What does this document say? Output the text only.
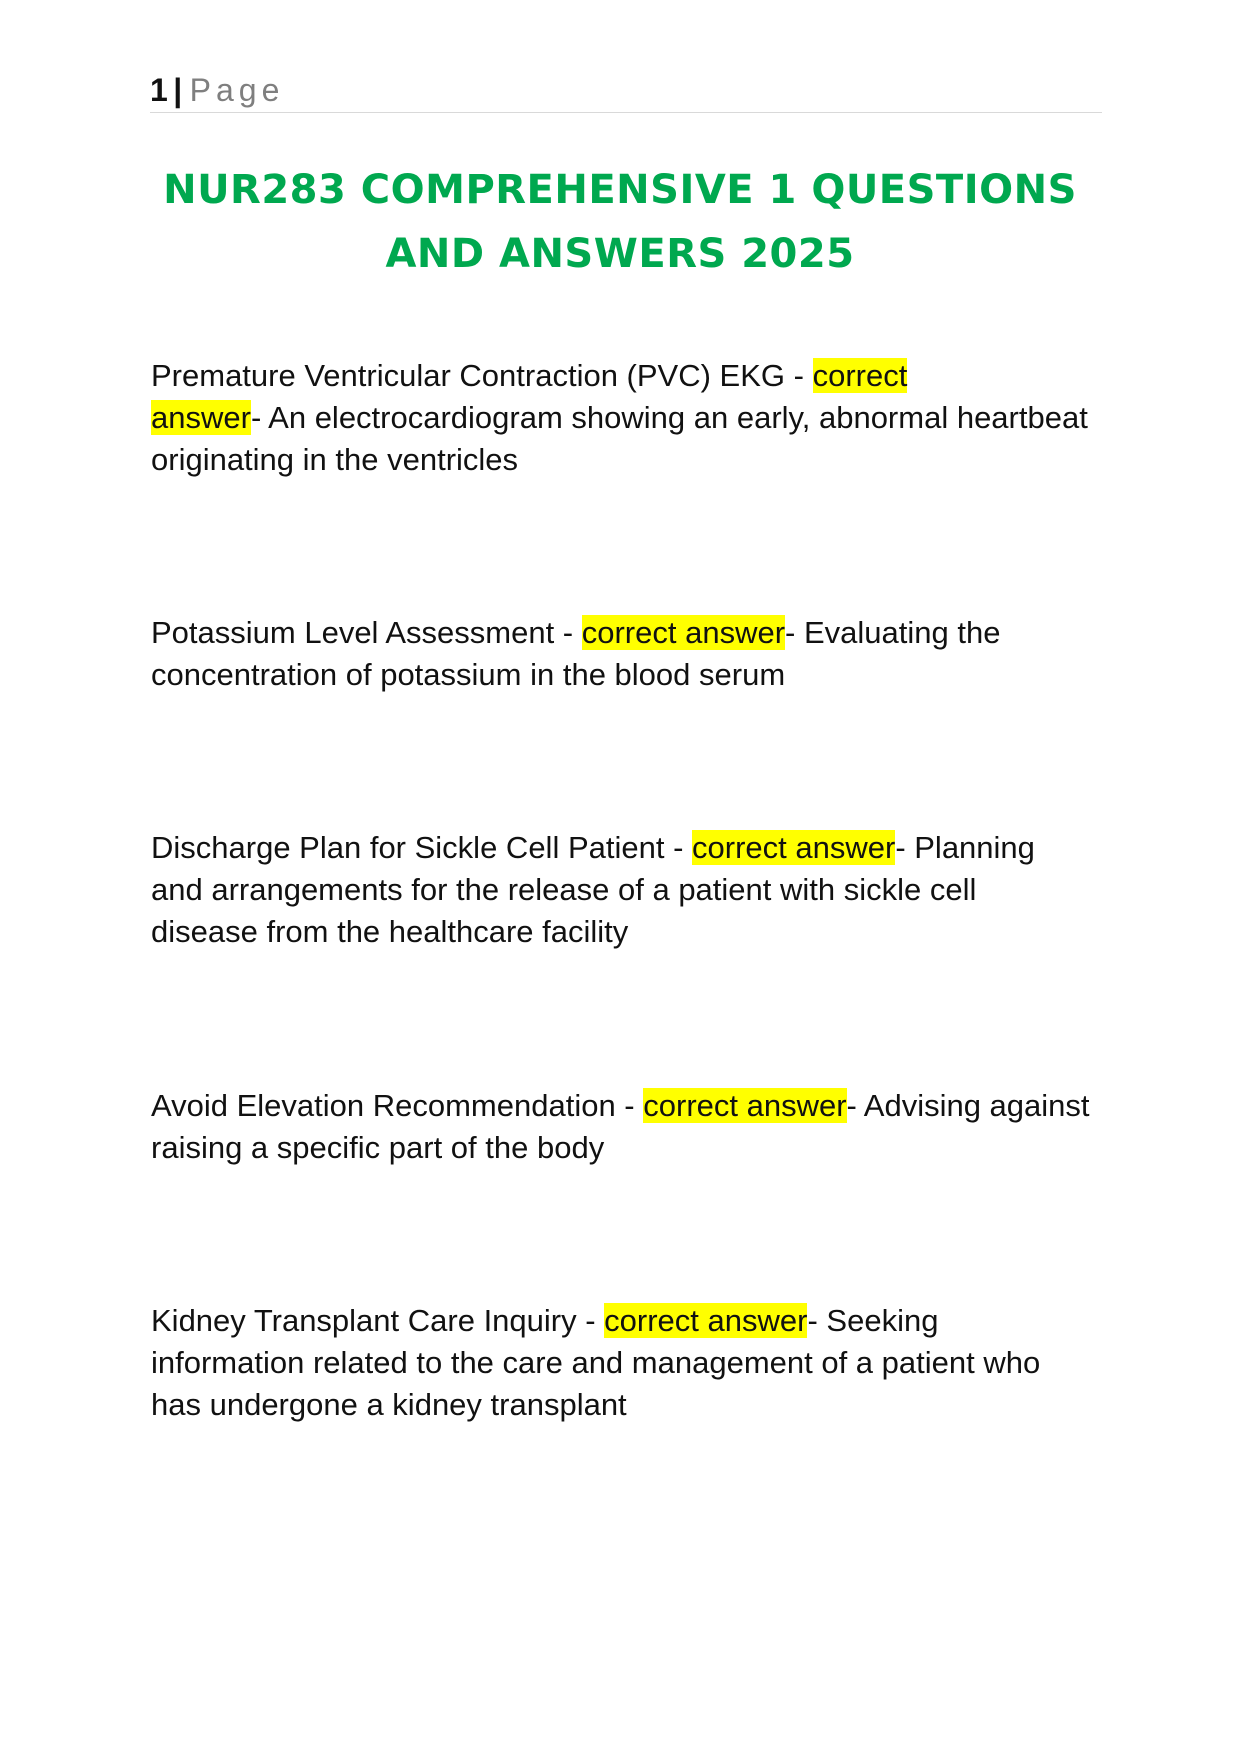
1 | Page
NUR283 COMPREHENSIVE 1 QUESTIONS
AND ANSWERS 2025
Premature Ventricular Contraction (PVC) EKG - correct
answer- An electrocardiogram showing an early, abnormal heartbeat originating in the ventricles
Potassium Level Assessment - correct answer- Evaluating the concentration of potassium in the blood serum
Discharge Plan for Sickle Cell Patient - correct answer- Planning and arrangements for the release of a patient with sickle cell disease from the healthcare facility
Avoid Elevation Recommendation - correct answer- Advising against raising a specific part of the body
Kidney Transplant Care Inquiry - correct answer- Seeking information related to the care and management of a patient who has undergone a kidney transplant
